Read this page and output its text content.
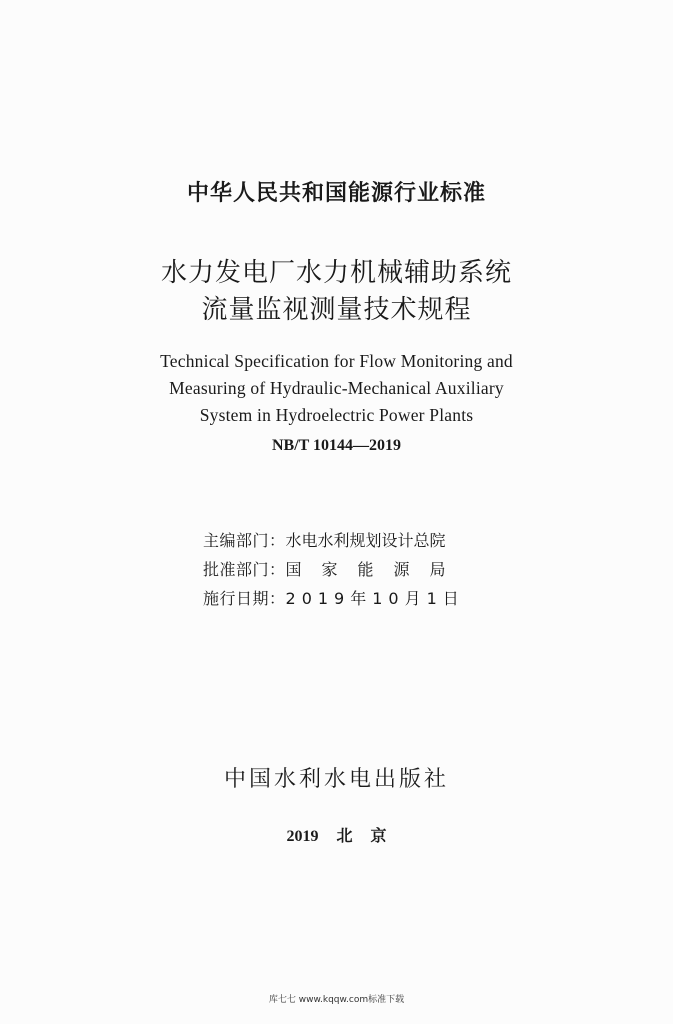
中华人民共和国能源行业标准
水力发电厂水力机械辅助系统
流量监视测量技术规程
Technical Specification for Flow Monitoring and
Measuring of Hydraulic-Mechanical Auxiliary
System in Hydroelectric Power Plants
NB/T 10144—2019
主编部门：水电水利规划设计总院
批准部门：国家能源局
施行日期：2019年10月1日
中国水利水电出版社
2019 北 京
库七七 www.kqqw.com标准下载
